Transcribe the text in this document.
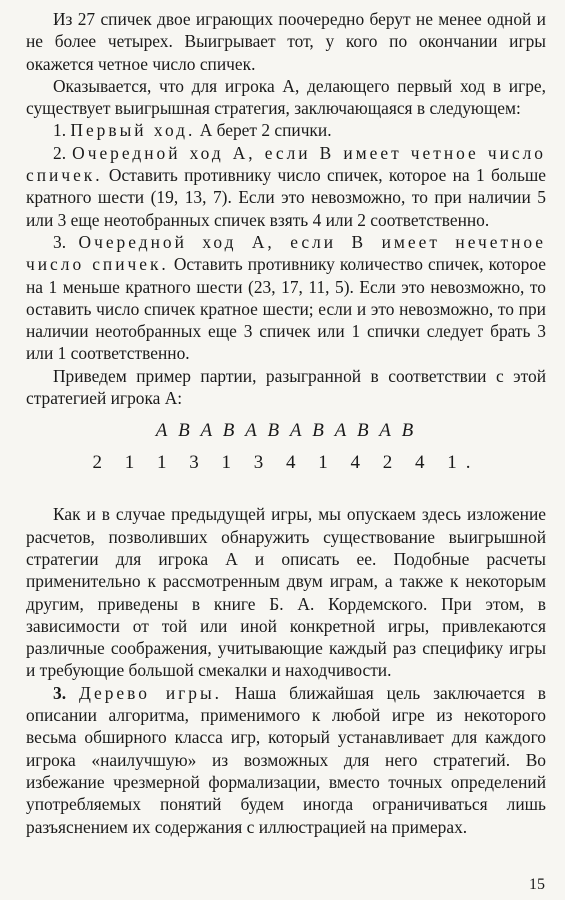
Из 27 спичек двое играющих поочередно берут не менее одной и не более четырех. Выигрывает тот, у кого по окончании игры окажется четное число спичек.

Оказывается, что для игрока А, делающего первый ход в игре, существует выигрышная стратегия, заключающаяся в следующем:

1. Первый ход. А берет 2 спички.

2. Очередной ход А, если В имеет четное число спичек. Оставить противнику число спичек, которое на 1 больше кратного шести (19, 13, 7). Если это невозможно, то при наличии 5 или 3 еще неотобранных спичек взять 4 или 2 соответственно.

3. Очередной ход А, если В имеет нечетное число спичек. Оставить противнику количество спичек, которое на 1 меньше кратного шести (23, 17, 11, 5). Если это невозможно, то оставить число спичек кратное шести; если и это невозможно, то при наличии неотобранных еще 3 спичек или 1 спички следует брать 3 или 1 соответственно.

Приведем пример партии, разыгранной в соответствии с этой стратегией игрока А:

А В А В А В А В А В А В

2 1 1 3 1 3 4 1 4 2 4 1.

Как и в случае предыдущей игры, мы опускаем здесь изложение расчетов, позволивших обнаружить существование выигрышной стратегии для игрока А и описать ее. Подобные расчеты применительно к рассмотренным двум играм, а также к некоторым другим, приведены в книге Б. А. Кордемского. При этом, в зависимости от той или иной конкретной игры, привлекаются различные соображения, учитывающие каждый раз специфику игры и требующие большой смекалки и находчивости.

3. Дерево игры. Наша ближайшая цель заключается в описании алгоритма, применимого к любой игре из некоторого весьма обширного класса игр, который устанавливает для каждого игрока «наилучшую» из возможных для него стратегий. Во избежание чрезмерной формализации, вместо точных определений употребляемых понятий будем иногда ограничиваться лишь разъяснением их содержания с иллюстрацией на примерах.

15
